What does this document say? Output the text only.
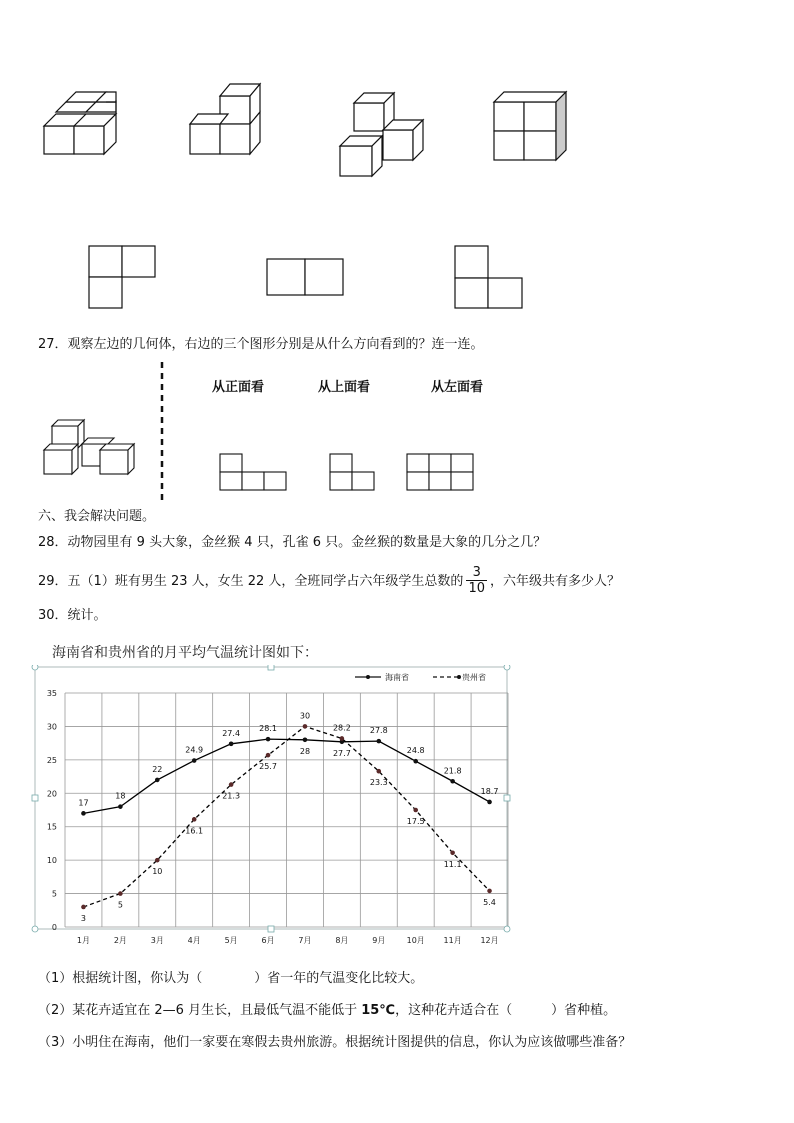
27．观察左边的几何体，右边的三个图形分别是从什么方向看到的？连一连。
从正面看	从上面看	从左面看
六、我会解决问题。
28．动物园里有 9 头大象，金丝猴 4 只，孔雀 6 只。金丝猴的数量是大象的几分之几？
29．五（1）班有男生 23 人，女生 22 人，全班同学占六年级学生总数的 $\frac{3}{10}$ ，六年级共有多少人？
30．统计。
海南省和贵州省的月平均气温统计图如下：
0
5
10
15
20
25
30
35
1月	2月	3月	4月	5月	6月	7月	8月	9月	10月 11月 12月
17
18
22
24.9
27.4
28.1
28	27.7
27.8
24.8
21.8
18.7
3
5
10
16.1
21.3
25.7
30
28.2
23.3
17.5
11.1
5.4
海南省	贵州省
（1）根据统计图，你认为（　　　　）省一年的气温变化比较大。
（2）某花卉适宜在 2—6 月生长，且最低气温不能低于 15℃，这种花卉适合在（　　　）省种植。
（3）小明住在海南，他们一家要在寒假去贵州旅游。根据统计图提供的信息，你认为应该做哪些准备？
